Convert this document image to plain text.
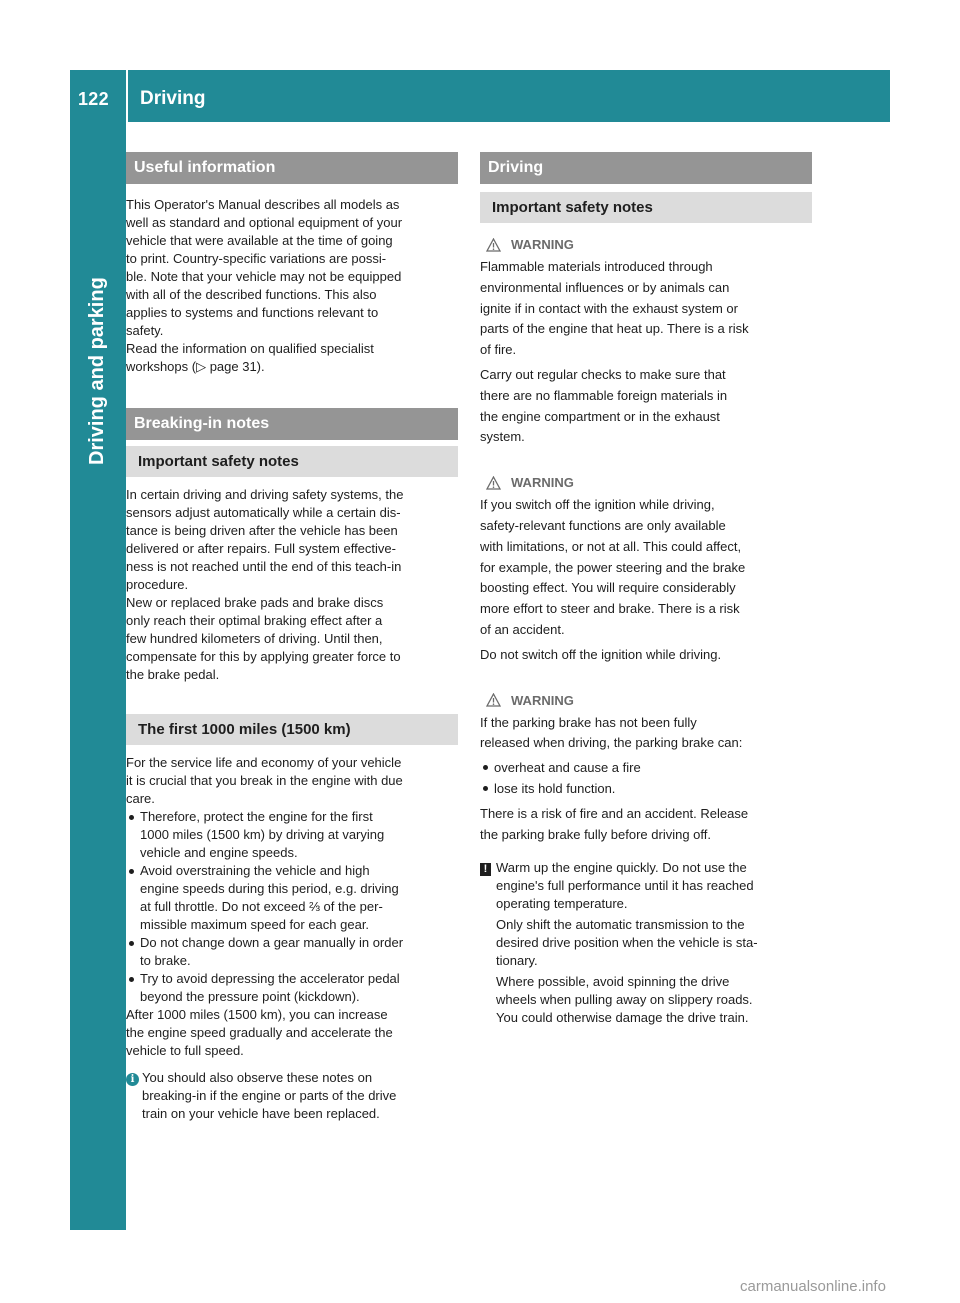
122 Driving
Driving and parking
Useful information
This Operator's Manual describes all models as
well as standard and optional equipment of your
vehicle that were available at the time of going
to print. Country-specific variations are possi-
ble. Note that your vehicle may not be equipped
with all of the described functions. This also
applies to systems and functions relevant to
safety.
Read the information on qualified specialist
workshops (▷ page 31).
Breaking-in notes
Important safety notes
In certain driving and driving safety systems, the
sensors adjust automatically while a certain dis-
tance is being driven after the vehicle has been
delivered or after repairs. Full system effective-
ness is not reached until the end of this teach-in
procedure.
New or replaced brake pads and brake discs
only reach their optimal braking effect after a
few hundred kilometers of driving. Until then,
compensate for this by applying greater force to
the brake pedal.
The first 1000 miles (1500 km)
For the service life and economy of your vehicle
it is crucial that you break in the engine with due
care.
Therefore, protect the engine for the first
1000 miles (1500 km) by driving at varying
vehicle and engine speeds.
Avoid overstraining the vehicle and high
engine speeds during this period, e.g. driving
at full throttle. Do not exceed ⅔ of the per-
missible maximum speed for each gear.
Do not change down a gear manually in order
to brake.
Try to avoid depressing the accelerator pedal
beyond the pressure point (kickdown).
After 1000 miles (1500 km), you can increase
the engine speed gradually and accelerate the
vehicle to full speed.
i You should also observe these notes on
breaking-in if the engine or parts of the drive
train on your vehicle have been replaced.
Driving
Important safety notes
WARNING
Flammable materials introduced through
environmental influences or by animals can
ignite if in contact with the exhaust system or
parts of the engine that heat up. There is a risk
of fire.
Carry out regular checks to make sure that
there are no flammable foreign materials in
the engine compartment or in the exhaust
system.
WARNING
If you switch off the ignition while driving,
safety-relevant functions are only available
with limitations, or not at all. This could affect,
for example, the power steering and the brake
boosting effect. You will require considerably
more effort to steer and brake. There is a risk
of an accident.
Do not switch off the ignition while driving.
WARNING
If the parking brake has not been fully
released when driving, the parking brake can:
overheat and cause a fire
lose its hold function.
There is a risk of fire and an accident. Release
the parking brake fully before driving off.
! Warm up the engine quickly. Do not use the
engine's full performance until it has reached
operating temperature.
Only shift the automatic transmission to the
desired drive position when the vehicle is sta-
tionary.
Where possible, avoid spinning the drive
wheels when pulling away on slippery roads.
You could otherwise damage the drive train.
carmanualsonline.info
